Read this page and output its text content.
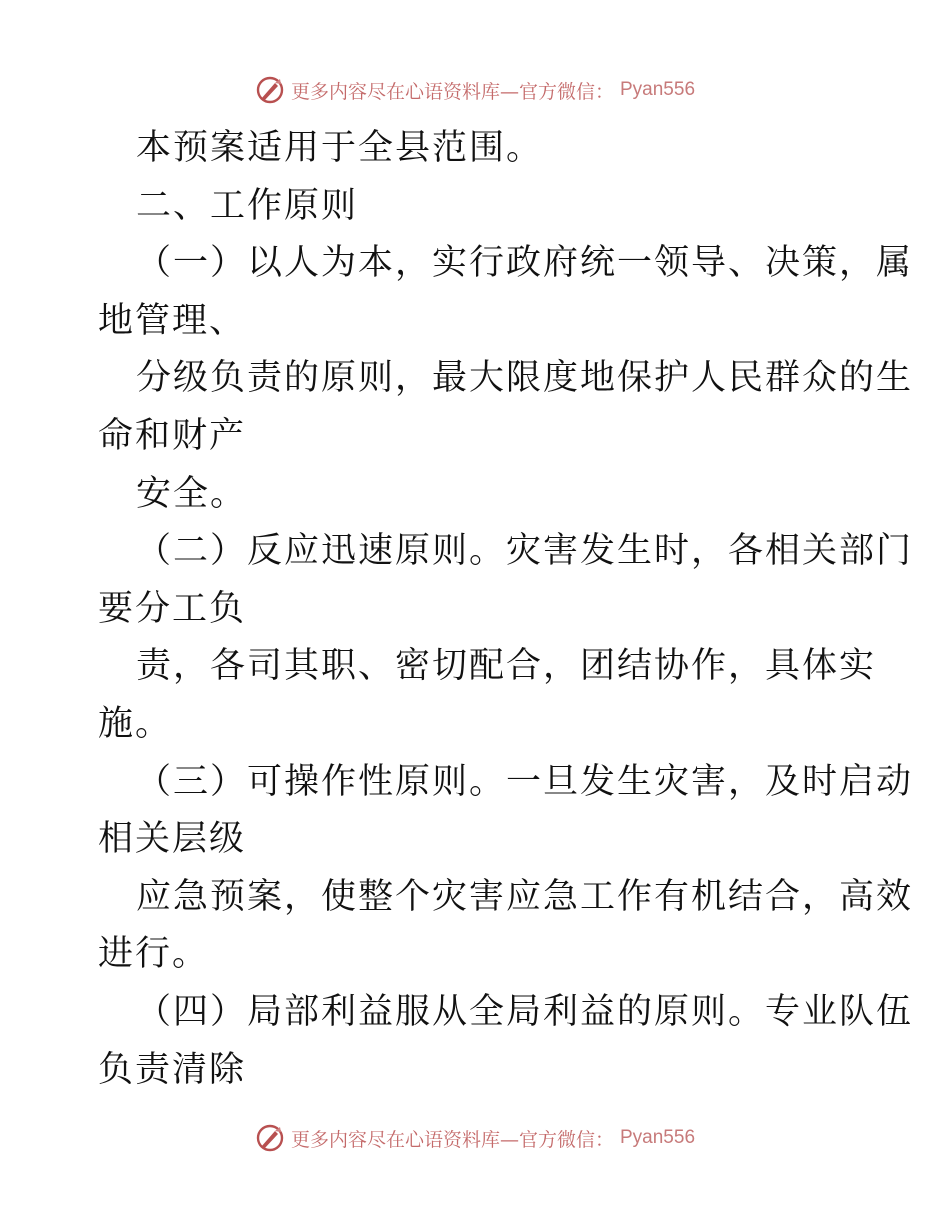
更多内容尽在心语资料库—官方微信： Pyan556
本预案适用于全县范围。
二、工作原则
（一）以人为本，实行政府统一领导、决策，属
地管理、
分级负责的原则，最大限度地保护人民群众的生
命和财产
安全。
（二）反应迅速原则。灾害发生时，各相关部门
要分工负
责，各司其职、密切配合，团结协作，具体实
施。
（三）可操作性原则。一旦发生灾害，及时启动
相关层级
应急预案，使整个灾害应急工作有机结合，高效
进行。
（四）局部利益服从全局利益的原则。专业队伍
负责清除
更多内容尽在心语资料库—官方微信： Pyan556
